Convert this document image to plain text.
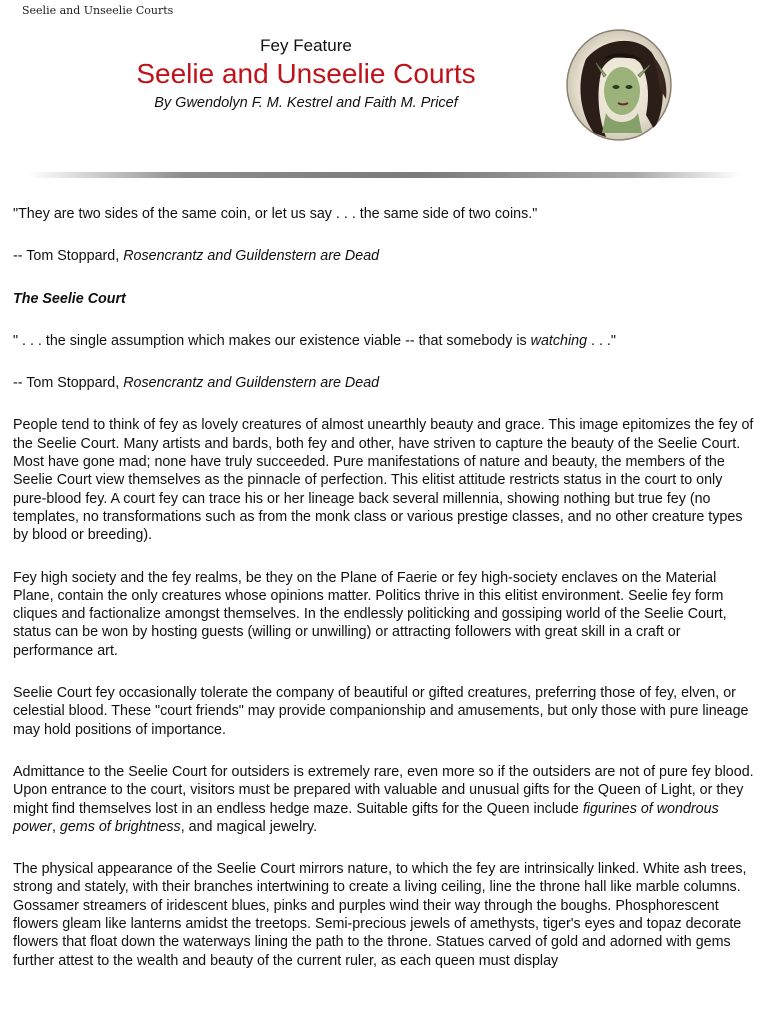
Seelie and Unseelie Courts
Fey Feature
Seelie and Unseelie Courts
By Gwendolyn F. M. Kestrel and Faith M. Pricef

"They are two sides of the same coin, or let us say . . . the same side of two coins."

-- Tom Stoppard, Rosencrantz and Guildenstern are Dead

The Seelie Court

" . . . the single assumption which makes our existence viable -- that somebody is watching . . ."

-- Tom Stoppard, Rosencrantz and Guildenstern are Dead

People tend to think of fey as lovely creatures of almost unearthly beauty and grace. This image epitomizes the fey of the Seelie Court. Many artists and bards, both fey and other, have striven to capture the beauty of the Seelie Court. Most have gone mad; none have truly succeeded. Pure manifestations of nature and beauty, the members of the Seelie Court view themselves as the pinnacle of perfection. This elitist attitude restricts status in the court to only pure-blood fey. A court fey can trace his or her lineage back several millennia, showing nothing but true fey (no templates, no transformations such as from the monk class or various prestige classes, and no other creature types by blood or breeding).

Fey high society and the fey realms, be they on the Plane of Faerie or fey high-society enclaves on the Material Plane, contain the only creatures whose opinions matter. Politics thrive in this elitist environment. Seelie fey form cliques and factionalize amongst themselves. In the endlessly politicking and gossiping world of the Seelie Court, status can be won by hosting guests (willing or unwilling) or attracting followers with great skill in a craft or performance art.

Seelie Court fey occasionally tolerate the company of beautiful or gifted creatures, preferring those of fey, elven, or celestial blood. These "court friends" may provide companionship and amusements, but only those with pure lineage may hold positions of importance.

Admittance to the Seelie Court for outsiders is extremely rare, even more so if the outsiders are not of pure fey blood. Upon entrance to the court, visitors must be prepared with valuable and unusual gifts for the Queen of Light, or they might find themselves lost in an endless hedge maze. Suitable gifts for the Queen include figurines of wondrous power, gems of brightness, and magical jewelry.

The physical appearance of the Seelie Court mirrors nature, to which the fey are intrinsically linked. White ash trees, strong and stately, with their branches intertwining to create a living ceiling, line the throne hall like marble columns. Gossamer streamers of iridescent blues, pinks and purples wind their way through the boughs. Phosphorescent flowers gleam like lanterns amidst the treetops. Semi-precious jewels of amethysts, tiger's eyes and topaz decorate flowers that float down the waterways lining the path to the throne. Statues carved of gold and adorned with gems further attest to the wealth and beauty of the current ruler, as each queen must display
